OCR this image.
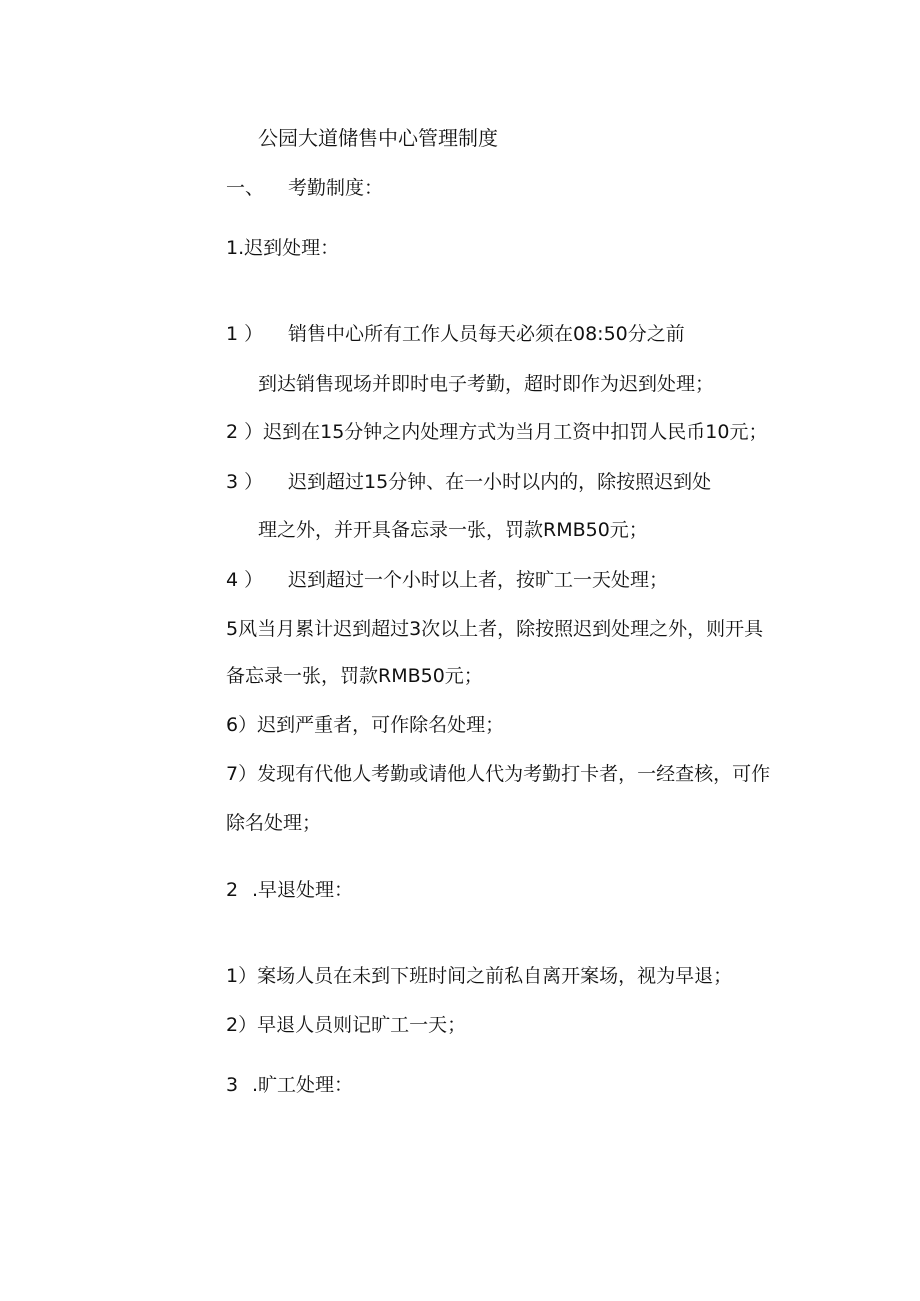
公园大道储售中心管理制度
一、 考勤制度：
1.迟到处理：
1 ） 销售中心所有工作人员每天必须在08:50分之前
到达销售现场并即时电子考勤，超时即作为迟到处理；
2 ）迟到在15分钟之内处理方式为当月工资中扣罚人民币10元；
3 ） 迟到超过15分钟、在一小时以内的，除按照迟到处
理之外，并开具备忘录一张，罚款RMB50元；
4 ） 迟到超过一个小时以上者，按旷工一天处理；
5风当月累计迟到超过3次以上者，除按照迟到处理之外，则开具
备忘录一张，罚款RMB50元；
6）迟到严重者，可作除名处理；
7）发现有代他人考勤或请他人代为考勤打卡者，一经查核，可作
除名处理；
2 .早退处理：
1）案场人员在未到下班时间之前私自离开案场，视为早退；
2）早退人员则记旷工一天；
3 .旷工处理：
